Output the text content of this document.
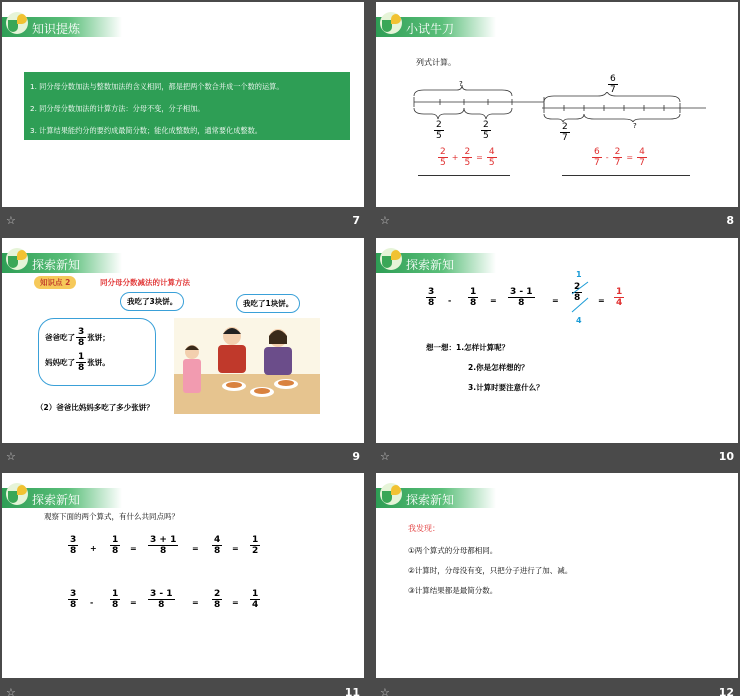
知识提炼
1. 同分母分数加法与整数加法的含义相同，都是把两个数合并成一个数的运算。
2. 同分母分数加法的计算方法：分母不变，分子相加。
3. 计算结果能约分的要约成最简分数；能化成整数的，通常要化成整数。
☆	7
小试牛刀
列式计算。
?
$\frac{2}{5}$	$\frac{2}{5}$
$\frac{2}{5} + \frac{2}{5} = \frac{4}{5}$
$\frac{6}{7}$
$\frac{2}{7}$	?
$\frac{6}{7} - \frac{2}{7} = \frac{4}{7}$
☆	8
探索新知
知识点 2	同分母分数减法的计算方法
我吃了3块饼。	我吃了1块饼。
爸爸吃了 $\frac{3}{8}$ 张饼；
妈妈吃了 $\frac{1}{8}$ 张饼。
（2）爸爸比妈妈多吃了多少张饼？
☆	9
探索新知
$\frac{3}{8} - \frac{1}{8} = \frac{3 - 1}{8}$ =
1
$\frac{2}{8}$
4
= $\frac{1}{4}$
想一想：1.怎样计算呢？
2.你是怎样想的？
3.计算时要注意什么？
☆	10
探索新知
观察下面的两个算式，有什么共同点吗？
$\frac{3}{8} + \frac{1}{8} = \frac{3 + 1}{8} = \frac{4}{8} = \frac{1}{2}$
$\frac{3}{8} - \frac{1}{8} = \frac{3 - 1}{8} = \frac{2}{8} = \frac{1}{4}$
☆	11
探索新知
我发现：
①两个算式的分母都相同。
②计算时，分母没有变，只把分子进行了加、减。
③计算结果都是最简分数。
☆	12
